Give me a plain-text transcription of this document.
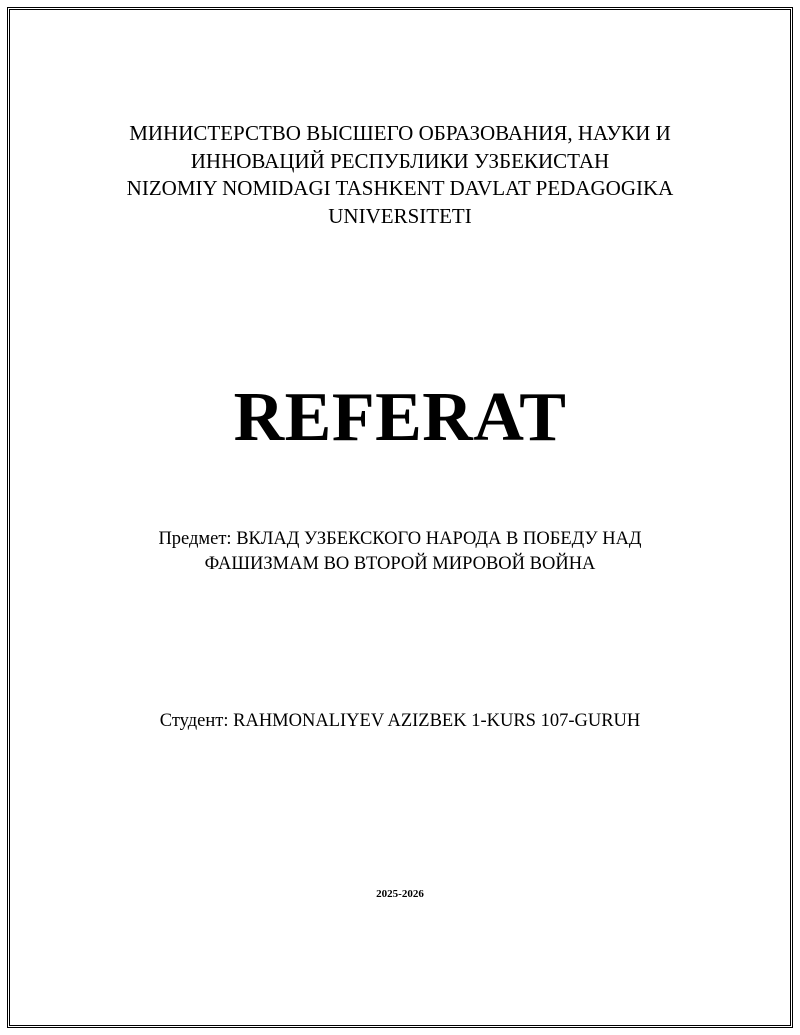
МИНИСТЕРСТВО ВЫСШЕГО ОБРАЗОВАНИЯ, НАУКИ И
ИННОВАЦИЙ РЕСПУБЛИКИ УЗБЕКИСТАН
NIZOMIY NOMIDAGI TASHKENT DAVLAT PEDAGOGIKA
UNIVERSITETI
REFERAT
Предмет: ВКЛАД УЗБЕКСКОГО НАРОДА В ПОБЕДУ НАД
ФАШИЗМАМ ВО ВТОРОЙ МИРОВОЙ ВОЙНА
Студент: RAHMONALIYEV AZIZBEK 1-KURS 107-GURUH
2025-2026
